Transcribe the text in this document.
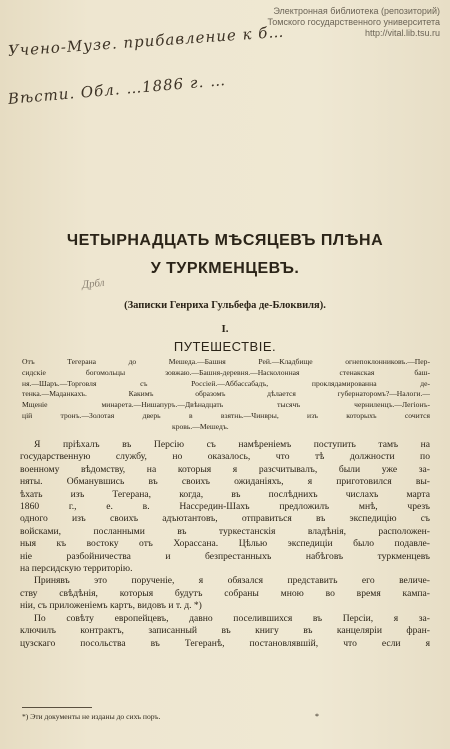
Электронная библиотека (репозиторий)
Томского государственного университета
http://vital.lib.tsu.ru
Учено-Музе. прибавление к б…
Вѣсти. Обл. …1886 г. …
ЧЕТЫРНАДЦАТЬ МѢСЯЦЕВЪ ПЛѢНА
У ТУРКМЕНЦЕВЪ.
Дрбл
(Записки Генриха Гульбефа де-Блоквиля).
I.
ПУТЕШЕСТВІЕ.
Отъ Тегерана до Мешеда.—Башня Рей.—Кладбище огнепоклонниковъ.—Пер-
сидскіе богомольцы зовжаю.—Башня-деревня.—Насколонная стенакская баш-
ня.—Шаръ.—Торговля съ Россіей.—Аббассабадъ, проклядамированна дe-
тенка.—Маданкахъ. Какимъ образомъ дѣлается губернаторомъ?—Налоги.—
Мщеніе минарета.—Нишапуръ.—Двѣнадцать тысячъ черниленцъ.—Легіонъ-
цій тронъ.—Золотая дверь в взятнь.—Чинвры, изъ которыхъ сочится
кровь.—Мешедъ.
Я пріѣхалъ въ Персію съ намѣреніемъ поступить тамъ на
государственную службу, но оказалось, что тѣ должности по
военному вѣдомству, на которыя я разсчитывалъ, были уже за-
няты. Обманувшись въ своихъ ожиданіяхъ, я приготовился вы-
ѣхать изъ Тегерана, когда, въ послѣднихъ числахъ марта
1860 г., е. в. Нассредин-Шахъ предложилъ мнѣ, чрезъ
одного изъ своихъ адъютантовъ, отправиться въ экспедицію съ
войсками, посланными въ туркестанскія владѣнія, расположен-
ныя къ востоку отъ Хорассана. Цѣлью экспедиціи было подавле-
ніе разбойничества и безпрестанныхъ набѣговъ туркменцевъ
на персидскую территорію.
Принявъ это порученіе, я обязался представить его величе-
ству свѣдѣнія, которыя будутъ собраны мною во время кампа-
ніи, съ приложеніемъ картъ, видовъ и т. д. *)
По совѣту европейцевъ, давно поселившихся въ Персіи, я за-
ключилъ контрактъ, записанный въ книгу въ канцеляріи фран-
цузскаго посольства въ Тегеранѣ, постановлявшій, что если я
*) Эти документы не изданы до сихъ поръ.	*
